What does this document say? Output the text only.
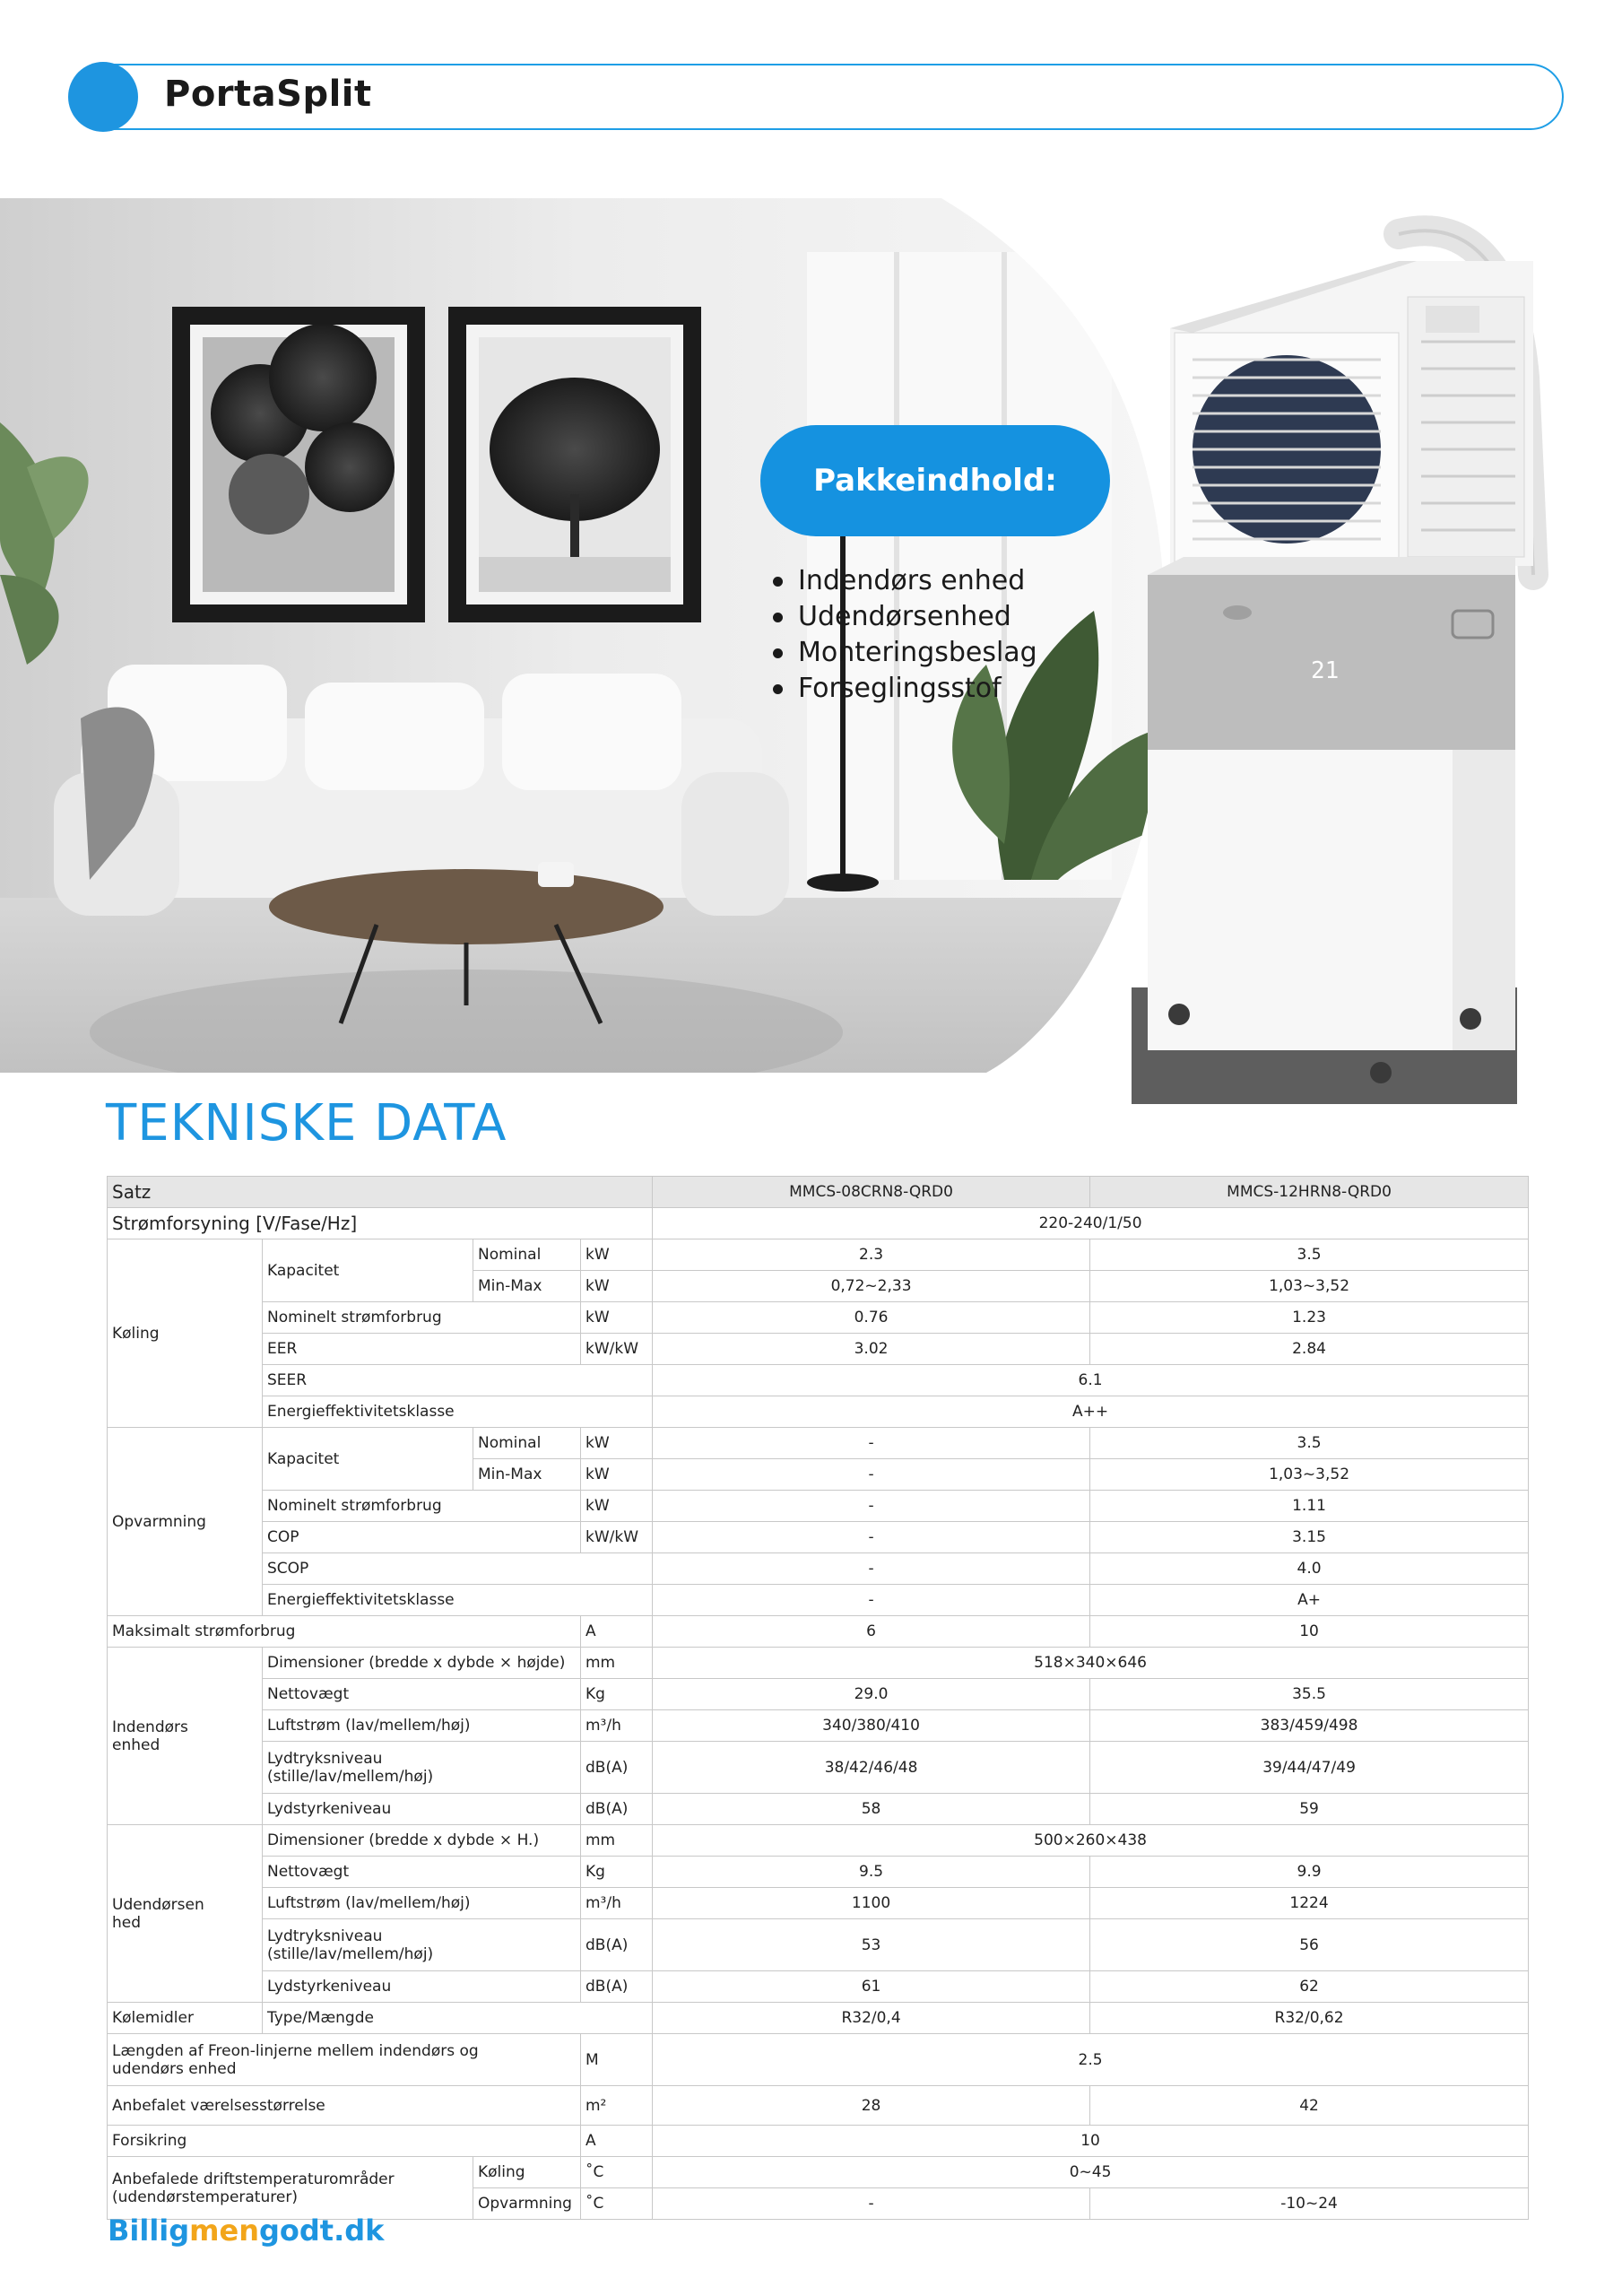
PortaSplit
21
Pakkeindhold:
Indendørs enhed
Udendørsenhed
Monteringsbeslag
Forseglingsstof
TEKNISKE DATA
Satz				MMCS-08CRN8-QRD0	MMCS-12HRN8-QRD0
Strømforsyning [V/Fase/Hz]				220-240/1/50	
Køling	Kapacitet	Nominal	kW	2.3	3.5
		Min-Max	kW	0,72~2,33	1,03~3,52
	Nominelt strømforbrug		kW	0.76	1.23
	EER		kW/kW	3.02	2.84
	SEER			6.1	
	Energieffektivitetsklasse			A++	
Opvarmning	Kapacitet	Nominal	kW	-	3.5
		Min-Max	kW	-	1,03~3,52
	Nominelt strømforbrug		kW	-	1.11
	COP		kW/kW	-	3.15
	SCOP			-	4.0
	Energieffektivitetsklasse			-	A+
Maksimalt strømforbrug			A	6	10
Indendørs
enhed	Dimensioner (bredde x dybde × højde)		mm	518×340×646	
	Nettovægt		Kg	29.0	35.5
	Luftstrøm (lav/mellem/høj)		m³/h	340/380/410	383/459/498
	Lydtryksniveau
(stille/lav/mellem/høj)		dB(A)	38/42/46/48	39/44/47/49
	Lydstyrkeniveau		dB(A)	58	59
Udendørsen
hed	Dimensioner (bredde x dybde × H.)		mm	500×260×438	
	Nettovægt		Kg	9.5	9.9
	Luftstrøm (lav/mellem/høj)		m³/h	1100	1224
	Lydtryksniveau
(stille/lav/mellem/høj)		dB(A)	53	56
	Lydstyrkeniveau		dB(A)	61	62
Kølemidler	Type/Mængde			R32/0,4	R32/0,62
Længden af Freon-linjerne mellem indendørs og
udendørs enhed			M	2.5	
Anbefalet værelsesstørrelse			m²	28	42
Forsikring			A	10	
Anbefalede driftstemperaturområder
(udendørstemperaturer)		Køling	˚C	0~45	
		Opvarmning	˚C	-	-10~24
Billigmengodt.dk
